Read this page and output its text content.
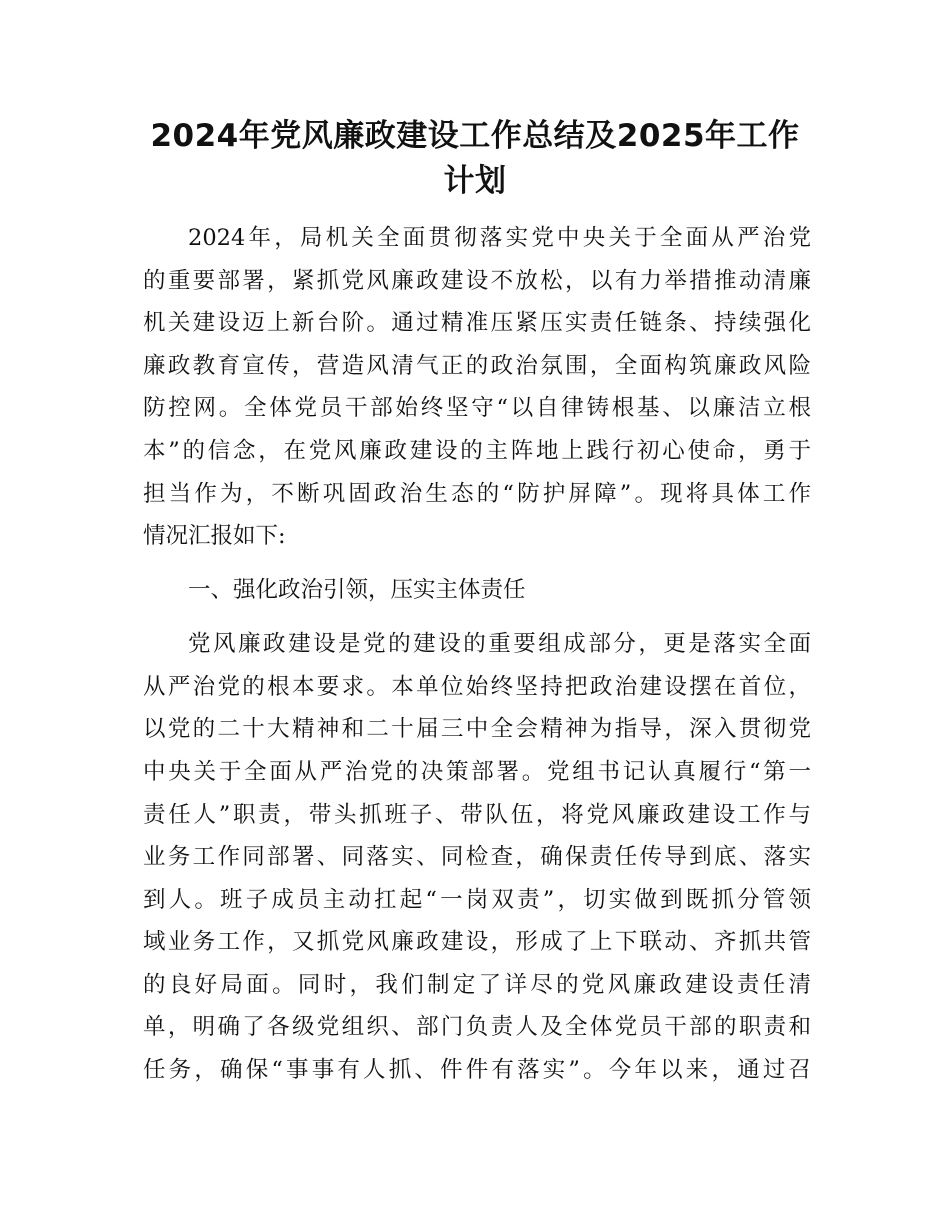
2024年党风廉政建设工作总结及2025年工作
计划

2024年，局机关全面贯彻落实党中央关于全面从严治党

的重要部署，紧抓党风廉政建设不放松，以有力举措推动清廉

机关建设迈上新台阶。通过精准压紧压实责任链条、持续强化

廉政教育宣传，营造风清气正的政治氛围，全面构筑廉政风险

防控网。全体党员干部始终坚守“以自律铸根基、以廉洁立根

本”的信念，在党风廉政建设的主阵地上践行初心使命，勇于

担当作为，不断巩固政治生态的“防护屏障”。现将具体工作

情况汇报如下:

一、强化政治引领，压实主体责任

党风廉政建设是党的建设的重要组成部分，更是落实全面

从严治党的根本要求。本单位始终坚持把政治建设摆在首位，

以党的二十大精神和二十届三中全会精神为指导，深入贯彻党

中央关于全面从严治党的决策部署。党组书记认真履行“第一

责任人”职责，带头抓班子、带队伍，将党风廉政建设工作与

业务工作同部署、同落实、同检查，确保责任传导到底、落实

到人。班子成员主动扛起“一岗双责”，切实做到既抓分管领

域业务工作，又抓党风廉政建设，形成了上下联动、齐抓共管

的良好局面。同时，我们制定了详尽的党风廉政建设责任清

单，明确了各级党组织、部门负责人及全体党员干部的职责和

任务，确保“事事有人抓、件件有落实”。今年以来，通过召
